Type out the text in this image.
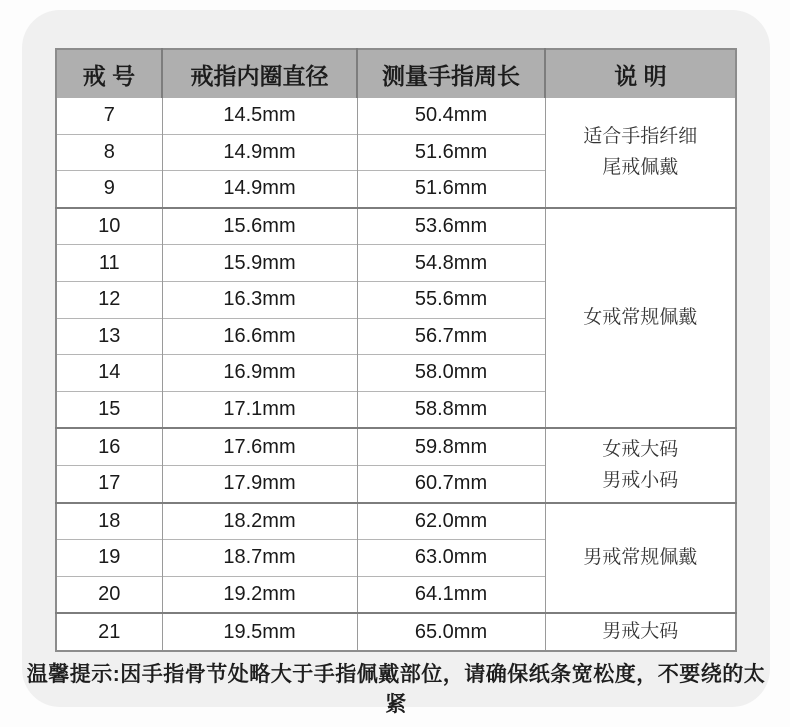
戒 号	戒指内圈直径	测量手指周长	说 明
7	14.5mm	50.4mm	适合手指纤细
尾戒佩戴

8	14.9mm	51.6mm	
9	14.9mm	51.6mm	
10	15.6mm	53.6mm	女戒常规佩戴

11	15.9mm	54.8mm	
12	16.3mm	55.6mm	
13	16.6mm	56.7mm	
14	16.9mm	58.0mm	
15	17.1mm	58.8mm	
16	17.6mm	59.8mm	女戒大码
男戒小码

17	17.9mm	60.7mm	
18	18.2mm	62.0mm	男戒常规佩戴

19	18.7mm	63.0mm	
20	19.2mm	64.1mm	
21	19.5mm	65.0mm	男戒大码
温馨提示:因手指骨节处略大于手指佩戴部位，请确保纸条宽松度，不要绕的太紧
